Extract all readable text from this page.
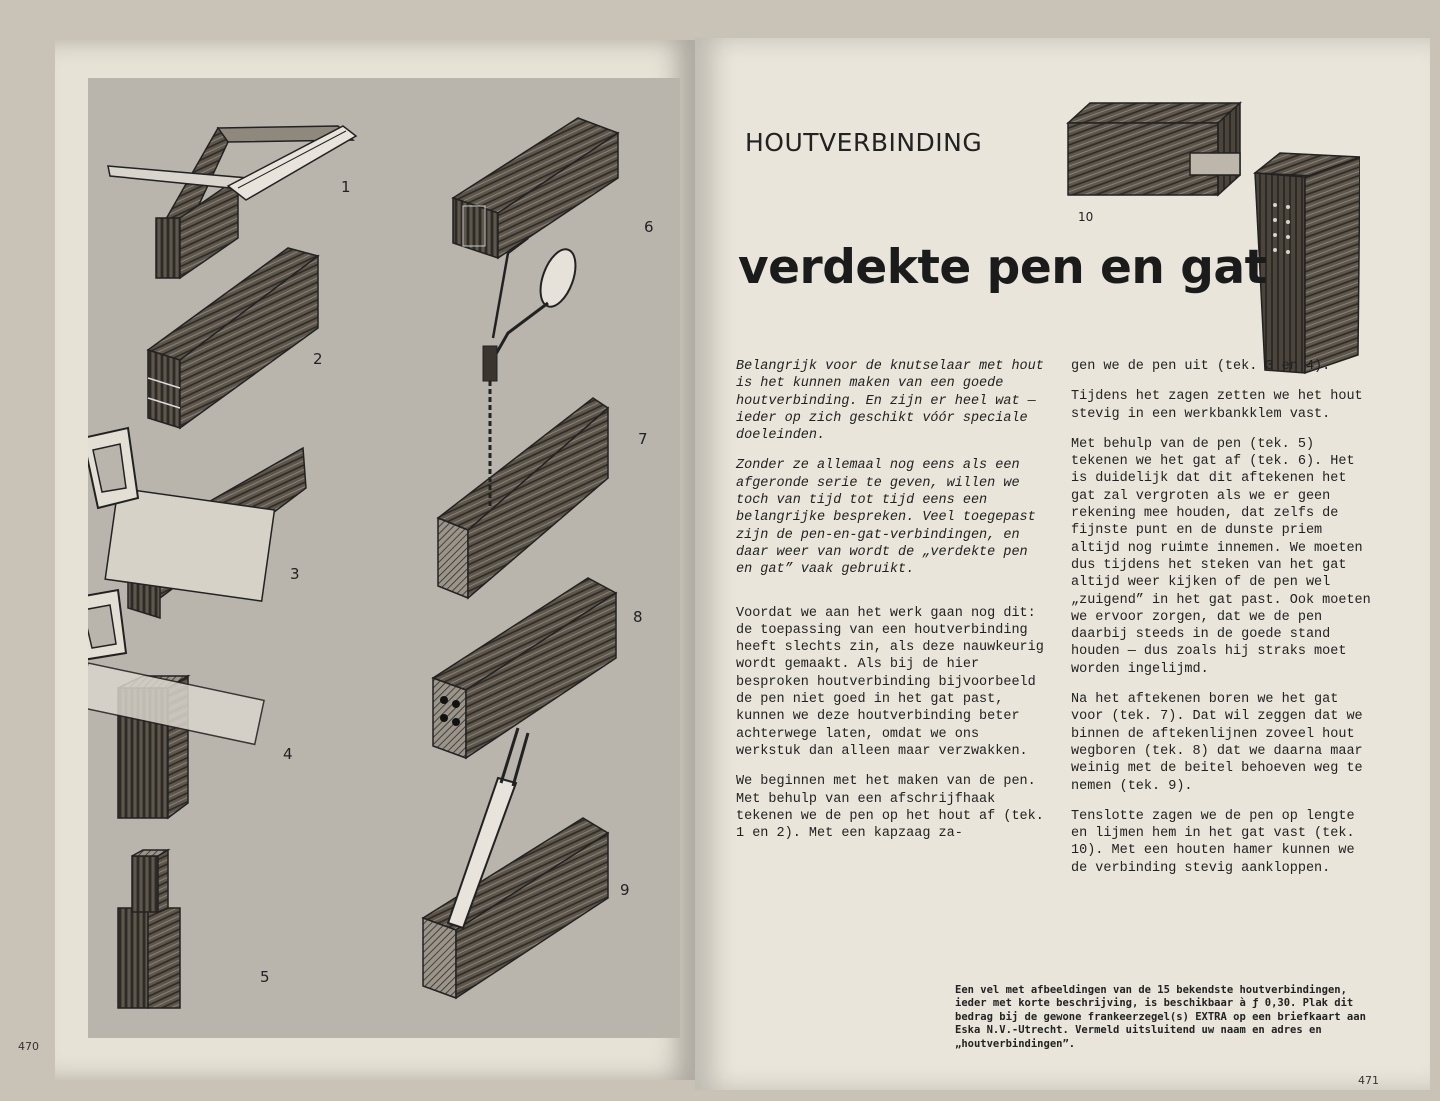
1
2
3
4
5
6
7
8
9
470
HOUTVERBINDING
10
verdekte pen en gat

Belangrijk voor de knutselaar met hout is het kunnen maken van een goede houtverbinding. En zijn er heel wat — ieder op zich geschikt vóór speciale doeleinden.

Zonder ze allemaal nog eens als een afgeronde serie te geven, willen we toch van tijd tot tijd eens een belangrijke bespreken. Veel toegepast zijn de pen-en-gat-verbindingen, en daar weer van wordt de „verdekte pen en gat” vaak gebruikt.

Voordat we aan het werk gaan nog dit: de toepassing van een houtverbinding heeft slechts zin, als deze nauwkeurig wordt gemaakt. Als bij de hier besproken houtverbinding bijvoorbeeld de pen niet goed in het gat past, kunnen we deze houtverbinding beter achterwege laten, omdat we ons werkstuk dan alleen maar verzwakken.

We beginnen met het maken van de pen. Met behulp van een afschrijfhaak tekenen we de pen op het hout af (tek. 1 en 2). Met een kapzaag za-

gen we de pen uit (tek. 3 en 4).

Tijdens het zagen zetten we het hout stevig in een werkbankklem vast.

Met behulp van de pen (tek. 5) tekenen we het gat af (tek. 6). Het is duidelijk dat dit aftekenen het gat zal vergroten als we er geen rekening mee houden, dat zelfs de fijnste punt en de dunste priem altijd nog ruimte innemen. We moeten dus tijdens het steken van het gat altijd weer kijken of de pen wel „zuigend” in het gat past. Ook moeten we ervoor zorgen, dat we de pen daarbij steeds in de goede stand houden — dus zoals hij straks moet worden ingelijmd.

Na het aftekenen boren we het gat voor (tek. 7). Dat wil zeggen dat we binnen de aftekenlijnen zoveel hout wegboren (tek. 8) dat we daarna maar weinig met de beitel behoeven weg te nemen (tek. 9).

Tenslotte zagen we de pen op lengte en lijmen hem in het gat vast (tek. 10). Met een houten hamer kunnen we de verbinding stevig aankloppen.

Een vel met afbeeldingen van de 15 bekendste houtverbindingen, ieder met korte beschrijving, is beschikbaar à ƒ 0,30. Plak dit bedrag bij de gewone frankeerzegel(s) EXTRA op een briefkaart aan Eska N.V.-Utrecht. Vermeld uitsluitend uw naam en adres en „houtverbindingen”.
471
